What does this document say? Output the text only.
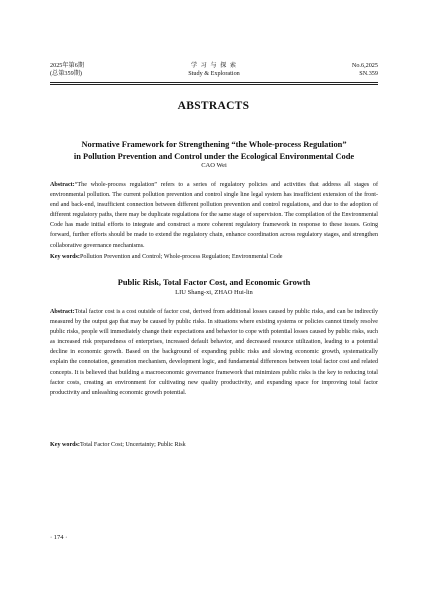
2025年第6期
(总第359期)
学 习 与 探 索
Study & Exploration
No.6,2025
SN.359
ABSTRACTS
Normative Framework for Strengthening “the Whole-process Regulation”
in Pollution Prevention and Control under the Ecological Environmental Code
CAO Wei
Abstract:“The whole-process regulation” refers to a series of regulatory policies and activities that address all stages of environmental pollution. The current pollution prevention and control single line legal system has insufficient extension of the front-end and back-end, insufficient connection between different pollution prevention and control regulations, and due to the adoption of different regulatory paths, there may be duplicate regulations for the same stage of supervision. The compilation of the Environmental Code has made initial efforts to integrate and construct a more coherent regulatory framework in response to these issues. Going forward, further efforts should be made to extend the regulatory chain, enhance coordination across regulatory stages, and strengthen collaborative governance mechanisms.
Key words:Pollution Prevention and Control; Whole-process Regulation; Environmental Code
Public Risk, Total Factor Cost, and Economic Growth
LIU Shang-xi, ZHAO Hui-lin
Abstract:Total factor cost is a cost outside of factor cost, derived from additional losses caused by public risks, and can be indirectly measured by the output gap that may be caused by public risks. In situations where existing systems or policies cannot timely resolve public risks, people will immediately change their expectations and behavior to cope with potential losses caused by public risks, such as increased risk preparedness of enterprises, increased default behavior, and decreased resource utilization, leading to a potential decline in economic growth. Based on the background of expanding public risks and slowing economic growth, systematically explain the connotation, generation mechanism, development logic, and fundamental differences between total factor cost and related concepts. It is believed that building a macroeconomic governance framework that minimizes public risks is the key to reducing total factor costs, creating an environment for cultivating new quality productivity, and expanding space for improving total factor productivity and unleashing economic growth potential.
Key words:Total Factor Cost; Uncertainty; Public Risk
· 174 ·
